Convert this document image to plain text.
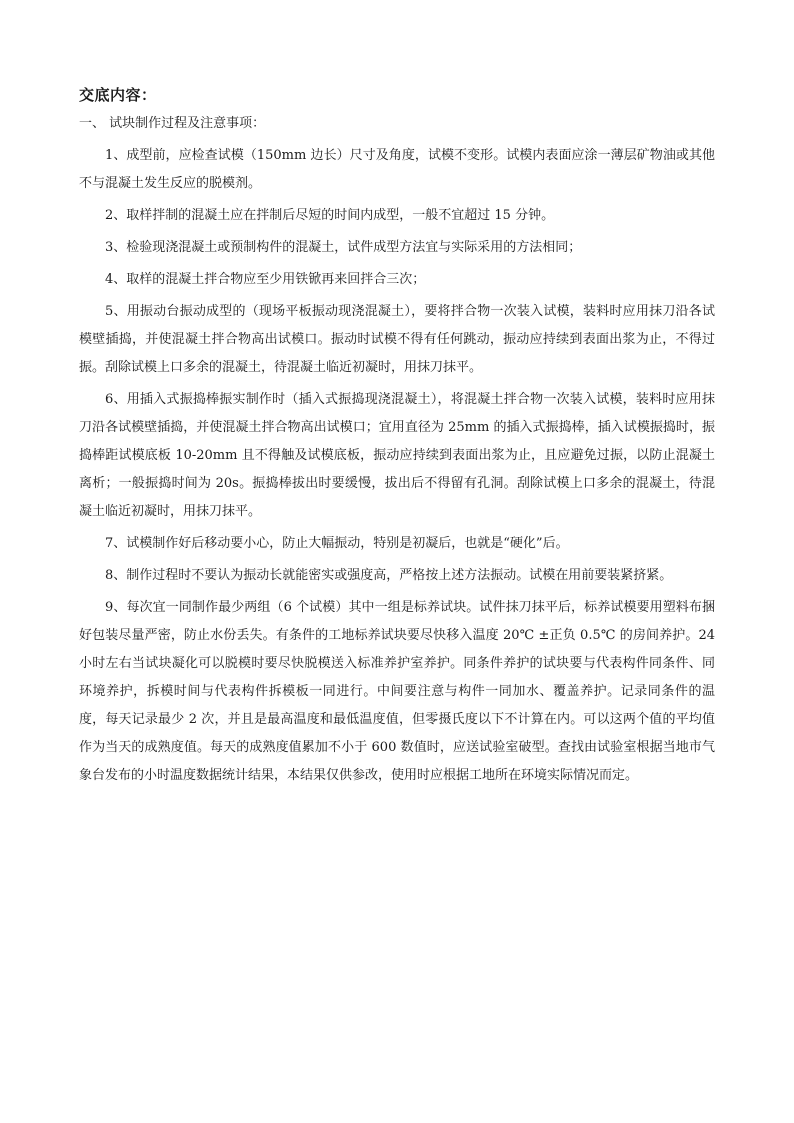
交底内容：
一、 试块制作过程及注意事项：

1、成型前，应检查试模（150mm 边长）尺寸及角度，试模不变形。试模内表面应涂一薄层矿物油或其他不与混凝土发生反应的脱模剂。

2、取样拌制的混凝土应在拌制后尽短的时间内成型，一般不宜超过 15 分钟。

3、检验现浇混凝土或预制构件的混凝土，试件成型方法宜与实际采用的方法相同；

4、取样的混凝土拌合物应至少用铁锨再来回拌合三次；

5、用振动台振动成型的（现场平板振动现浇混凝土），要将拌合物一次装入试模，装料时应用抹刀沿各试模壁插捣，并使混凝土拌合物高出试模口。振动时试模不得有任何跳动，振动应持续到表面出浆为止，不得过振。刮除试模上口多余的混凝土，待混凝土临近初凝时，用抹刀抹平。

6、用插入式振捣棒振实制作时（插入式振捣现浇混凝土），将混凝土拌合物一次装入试模，装料时应用抹刀沿各试模壁插捣，并使混凝土拌合物高出试模口；宜用直径为 25mm 的插入式振捣棒，插入试模振捣时，振捣棒距试模底板 10-20mm 且不得触及试模底板，振动应持续到表面出浆为止，且应避免过振，以防止混凝土离析；一般振捣时间为 20s。振捣棒拔出时要缓慢，拔出后不得留有孔洞。刮除试模上口多余的混凝土，待混凝土临近初凝时，用抹刀抹平。

7、试模制作好后移动要小心，防止大幅振动，特别是初凝后，也就是“硬化”后。

8、制作过程时不要认为振动长就能密实或强度高，严格按上述方法振动。试模在用前要装紧挤紧。

9、每次宜一同制作最少两组（6 个试模）其中一组是标养试块。试件抹刀抹平后，标养试模要用塑料布捆好包装尽量严密，防止水份丢失。有条件的工地标养试块要尽快移入温度 20℃ ±正负 0.5℃ 的房间养护。24 小时左右当试块凝化可以脱模时要尽快脱模送入标准养护室养护。同条件养护的试块要与代表构件同条件、同环境养护，拆模时间与代表构件拆模板一同进行。中间要注意与构件一同加水、覆盖养护。记录同条件的温度，每天记录最少 2 次，并且是最高温度和最低温度值，但零摄氏度以下不计算在内。可以这两个值的平均值作为当天的成熟度值。每天的成熟度值累加不小于 600 数值时，应送试验室破型。查找由试验室根据当地市气象台发布的小时温度数据统计结果，本结果仅供参改，使用时应根据工地所在环境实际情况而定。
